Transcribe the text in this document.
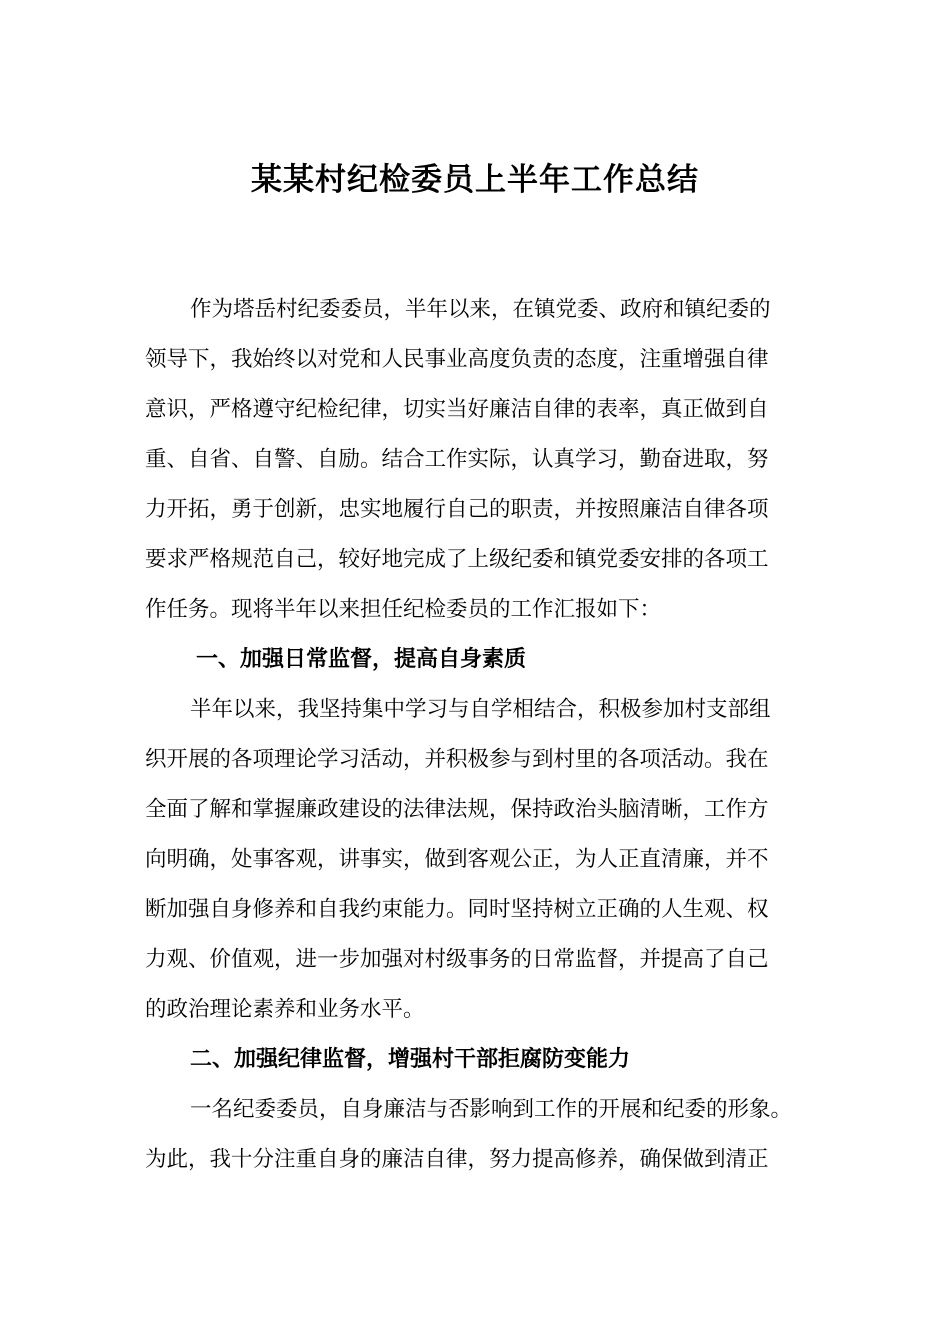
某某村纪检委员上半年工作总结
作为塔岳村纪委委员，半年以来，在镇党委、政府和镇纪委的
领导下，我始终以对党和人民事业高度负责的态度，注重增强自律
意识，严格遵守纪检纪律，切实当好廉洁自律的表率，真正做到自
重、自省、自警、自励。结合工作实际，认真学习，勤奋进取，努
力开拓，勇于创新，忠实地履行自己的职责，并按照廉洁自律各项
要求严格规范自己，较好地完成了上级纪委和镇党委安排的各项工
作任务。现将半年以来担任纪检委员的工作汇报如下：
一、加强日常监督，提高自身素质
半年以来，我坚持集中学习与自学相结合，积极参加村支部组
织开展的各项理论学习活动，并积极参与到村里的各项活动。我在
全面了解和掌握廉政建设的法律法规，保持政治头脑清晰，工作方
向明确，处事客观，讲事实，做到客观公正，为人正直清廉，并不
断加强自身修养和自我约束能力。同时坚持树立正确的人生观、权
力观、价值观，进一步加强对村级事务的日常监督，并提高了自己
的政治理论素养和业务水平。
二、加强纪律监督，增强村干部拒腐防变能力
一名纪委委员，自身廉洁与否影响到工作的开展和纪委的形象。
为此，我十分注重自身的廉洁自律，努力提高修养，确保做到清正
